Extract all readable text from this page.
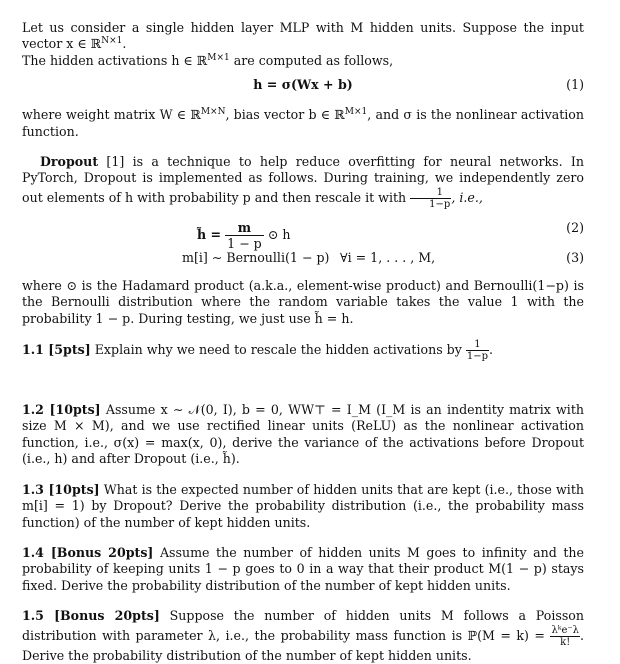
Let us consider a single hidden layer MLP with M hidden units. Suppose the input vector x ∈ ℝ$^{N\times 1}$.
The hidden activations h ∈ ℝ$^{M\times 1}$ are computed as follows,

h = σ(Wx + b)	(1)

where weight matrix W ∈ ℝ$^{M\times N}$, bias vector b ∈ ℝ$^{M\times 1}$, and σ is the nonlinear activation function.

Dropout [1] is a technique to help reduce overfitting for neural networks. In PyTorch, Dropout is implemented as follows. During training, we independently zero out elements of h with probability p and then rescale it with $\frac{1}{1-p}$ , i.e.,

h̃ = $\frac{m}{1 - p}$ ⊙ h	(2)
m[i] ∼ Bernoulli(1 − p) ∀i = 1, . . . , M,	(3)

where ⊙ is the Hadamard product (a.k.a., element-wise product) and Bernoulli(1−p) is the Bernoulli distribution where the random variable takes the value 1 with the probability 1 − p. During testing, we just use h̃ = h.

1.1 [5pts] Explain why we need to rescale the hidden activations by $\frac{1}{1-p}$ .

1.2 [10pts] Assume x ∼ 𝒩(0, I), b = 0, WW⊤ = I_M (I_M is an indentity matrix with size M × M), and we use rectified linear units (ReLU) as the nonlinear activation function, i.e., σ(x) = max(x, 0), derive the variance of the activations before Dropout (i.e., h) and after Dropout (i.e., h̃).

1.3 [10pts] What is the expected number of hidden units that are kept (i.e., those with m[i] = 1) by Dropout? Derive the probability distribution (i.e., the probability mass function) of the number of kept hidden units.

1.4 [Bonus 20pts] Assume the number of hidden units M goes to infinity and the probability of keeping units 1 − p goes to 0 in a way that their product M(1 − p) stays fixed. Derive the probability distribution of the number of kept hidden units.

1.5 [Bonus 20pts] Suppose the number of hidden units M follows a Poisson distribution with parameter λ, i.e., the probability mass function is ℙ(M = $k) = \frac{\text{λᵏe⁻λ}}{k!}$ . Derive the probability distribution of the number of kept hidden units.
